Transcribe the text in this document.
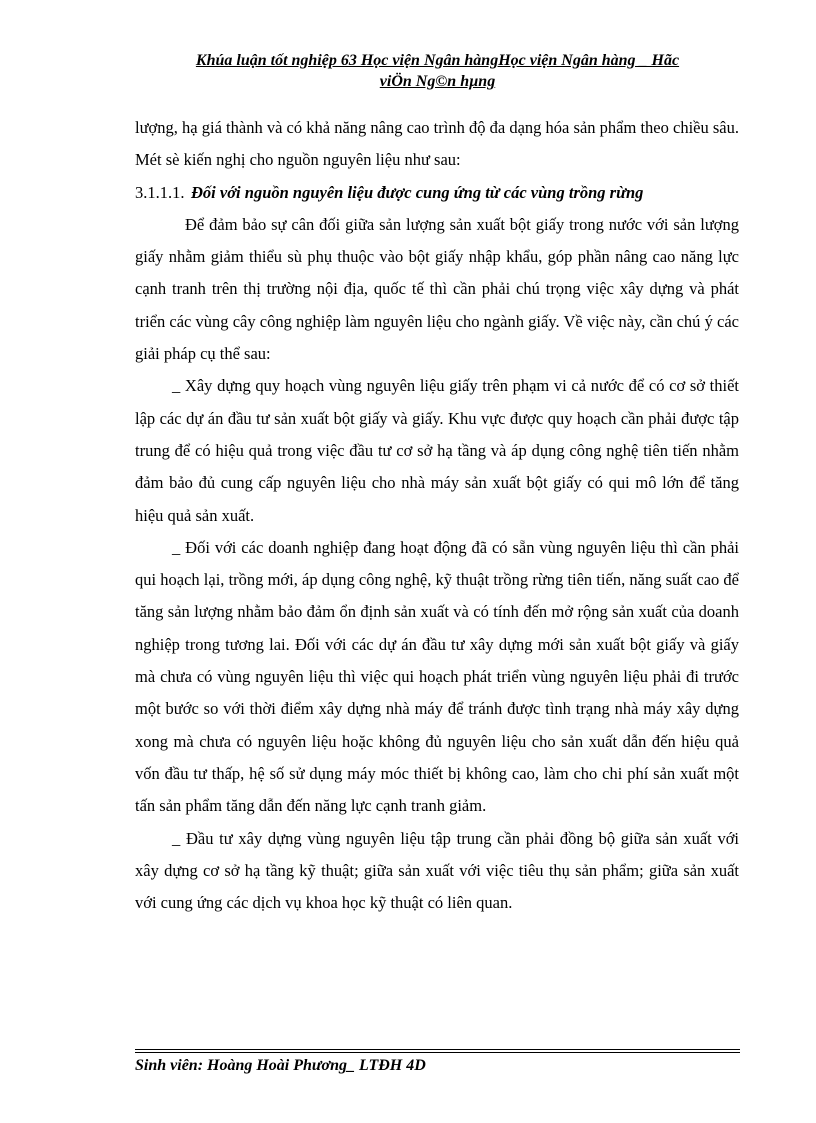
Khúa luận tốt nghiệp 63 Học viện Ngân hàngHọc viện Ngân hàng _ Hãc
viÖn Ng©n hµng

lượng, hạ giá thành và có khả năng nâng cao trình độ đa dạng hóa sản phẩm theo chiều sâu. Mét sè kiến nghị cho nguồn nguyên liệu như sau:

3.1.1.1. Đối với nguồn nguyên liệu được cung ứng từ các vùng trồng rừng

Để đảm bảo sự cân đối giữa sản lượng sản xuất bột giấy trong nước với sản lượng giấy nhằm giảm thiểu sù phụ thuộc vào bột giấy nhập khẩu, góp phần nâng cao năng lực cạnh tranh trên thị trường nội địa, quốc tế thì cần phải chú trọng việc xây dựng và phát triển các vùng cây công nghiệp làm nguyên liệu cho ngành giấy. Về việc này, cần chú ý các giải pháp cụ thể sau:

_ Xây dựng quy hoạch vùng nguyên liệu giấy trên phạm vi cả nước để có cơ sở thiết lập các dự án đầu tư sản xuất bột giấy và giấy. Khu vực được quy hoạch cần phải được tập trung để có hiệu quả trong việc đầu tư cơ sở hạ tầng và áp dụng công nghệ tiên tiến nhằm đảm bảo đủ cung cấp nguyên liệu cho nhà máy sản xuất bột giấy có qui mô lớn để tăng hiệu quả sản xuất.

_ Đối với các doanh nghiệp đang hoạt động đã có sẵn vùng nguyên liệu thì cần phải qui hoạch lại, trồng mới, áp dụng công nghệ, kỹ thuật trồng rừng tiên tiến, năng suất cao để tăng sản lượng nhằm bảo đảm ổn định sản xuất và có tính đến mở rộng sản xuất của doanh nghiệp trong tương lai. Đối với các dự án đầu tư xây dựng mới sản xuất bột giấy và giấy mà chưa có vùng nguyên liệu thì việc qui hoạch phát triển vùng nguyên liệu phải đi trước một bước so với thời điểm xây dựng nhà máy để tránh được tình trạng nhà máy xây dựng xong mà chưa có nguyên liệu hoặc không đủ nguyên liệu cho sản xuất dẫn đến hiệu quả vốn đầu tư thấp, hệ số sử dụng máy móc thiết bị không cao, làm cho chi phí sản xuất một tấn sản phẩm tăng dẫn đến năng lực cạnh tranh giảm.

_ Đầu tư xây dựng vùng nguyên liệu tập trung cần phải đồng bộ giữa sản xuất với xây dựng cơ sở hạ tầng kỹ thuật; giữa sản xuất với việc tiêu thụ sản phẩm; giữa sản xuất với cung ứng các dịch vụ khoa học kỹ thuật có liên quan.

Sinh viên: Hoàng Hoài Phương_ LTĐH 4D
